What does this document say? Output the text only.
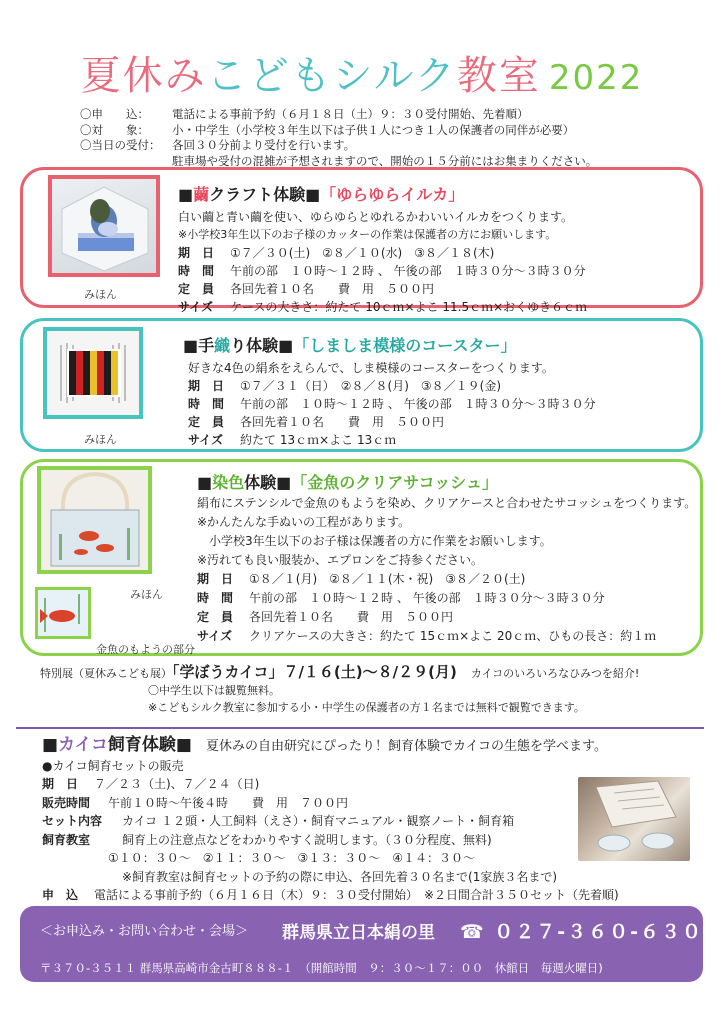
夏休みこどもシルク教室 2022
〇申　　込：	電話による事前予約（６月１８日（土）９：３０受付開始、先着順）
〇対　　象：	小・中学生（小学校３年生以下は子供１人につき１人の保護者の同伴が必要）
〇当日の受付：	各回３０分前より受付を行います。
駐車場や受付の混雑が予想されますので、開始の１５分前にはお集まりください。
みほん
■繭クラフト体験■「ゆらゆらイルカ」
白い繭と青い繭を使い、ゆらゆらとゆれるかわいいイルカをつくります。
※小学校3年生以下のお子様のカッターの作業は保護者の方にお願いします。
期　日 ①７／３０(土)　②８／１０(水)　③８／１８(木)
時　間 午前の部　１０時～１２時 、 午後の部　１時３０分～３時３０分
定　員 各回先着１０名　　費　用　５００円
サイズ ケースの大きさ：約たて 10ｃｍ×よこ 11.5ｃｍ×おくゆき６ｃｍ
みほん
■手織り体験■「しましま模様のコースター」
好きな4色の絹糸をえらんで、しま模様のコースターをつくります。
期　日 ①７／３１（日）　②８／８(月)　③８／１９(金)
時　間 午前の部　１０時～１２時 、 午後の部　１時３０分～３時３０分
定　員 各回先着１０名　　費　用　５００円
サイズ 約たて 13ｃｍ×よこ 13ｃｍ
みほん
金魚のもようの部分
■染色体験■「金魚のクリアサコッシュ」
絹布にステンシルで金魚のもようを染め、クリアケースと合わせたサコッシュをつくります。
※かんたんな手ぬいの工程があります。
　小学校3年生以下のお子様は保護者の方に作業をお願いします。
※汚れても良い服装か、エプロンをご持参ください。
期　日 ①８／１(月)　②８／１１(木・祝)　③８／２０(土)
時　間 午前の部　１０時～１２時 、 午後の部　１時３０分～３時３０分
定　員 各回先着１０名　　費　用　５００円
サイズ クリアケースの大きさ：約たて 15ｃｍ×よこ 20ｃｍ、ひもの長さ：約１ｍ
特別展（夏休みこども展）「学ぼうカイコ」７/１６(土)～８/２９(月) カイコのいろいろなひみつを紹介!
〇中学生以下は観覧無料。
※こどもシルク教室に参加する小・中学生の保護者の方１名までは無料で観覧できます。
■カイコ飼育体験■ 夏休みの自由研究にぴったり！飼育体験でカイコの生態を学べます。
●カイコ飼育セットの販売
期　日 ７／２３（土)、７／２４（日)
販売時間 午前１０時～午後４時　　費　用　７００円
セット内容 カイコ １２頭・人工飼料（えさ）・飼育マニュアル・観察ノート・飼育箱
飼育教室	飼育上の注意点などをわかりやすく説明します。（３０分程度、無料)
①１０：３０～　②１１：３０～　③１３：３０～　④１４：３０～
※飼育教室は飼育セットの予約の際に申込、各回先着３０名まで(1家族３名まで)
申　込 電話による事前予約（６月１６日（木）９：３０受付開始）　※２日間合計３５０セット（先着順)
＜お申込み・お問い合わせ・会場＞ 群馬県立日本絹の里 ☎ ０２７-３６０-６３００
〒３７０-３５１１ 群馬県高崎市金古町８８８-１　（開館時間　９：３０～１７：００　休館日　毎週火曜日)
